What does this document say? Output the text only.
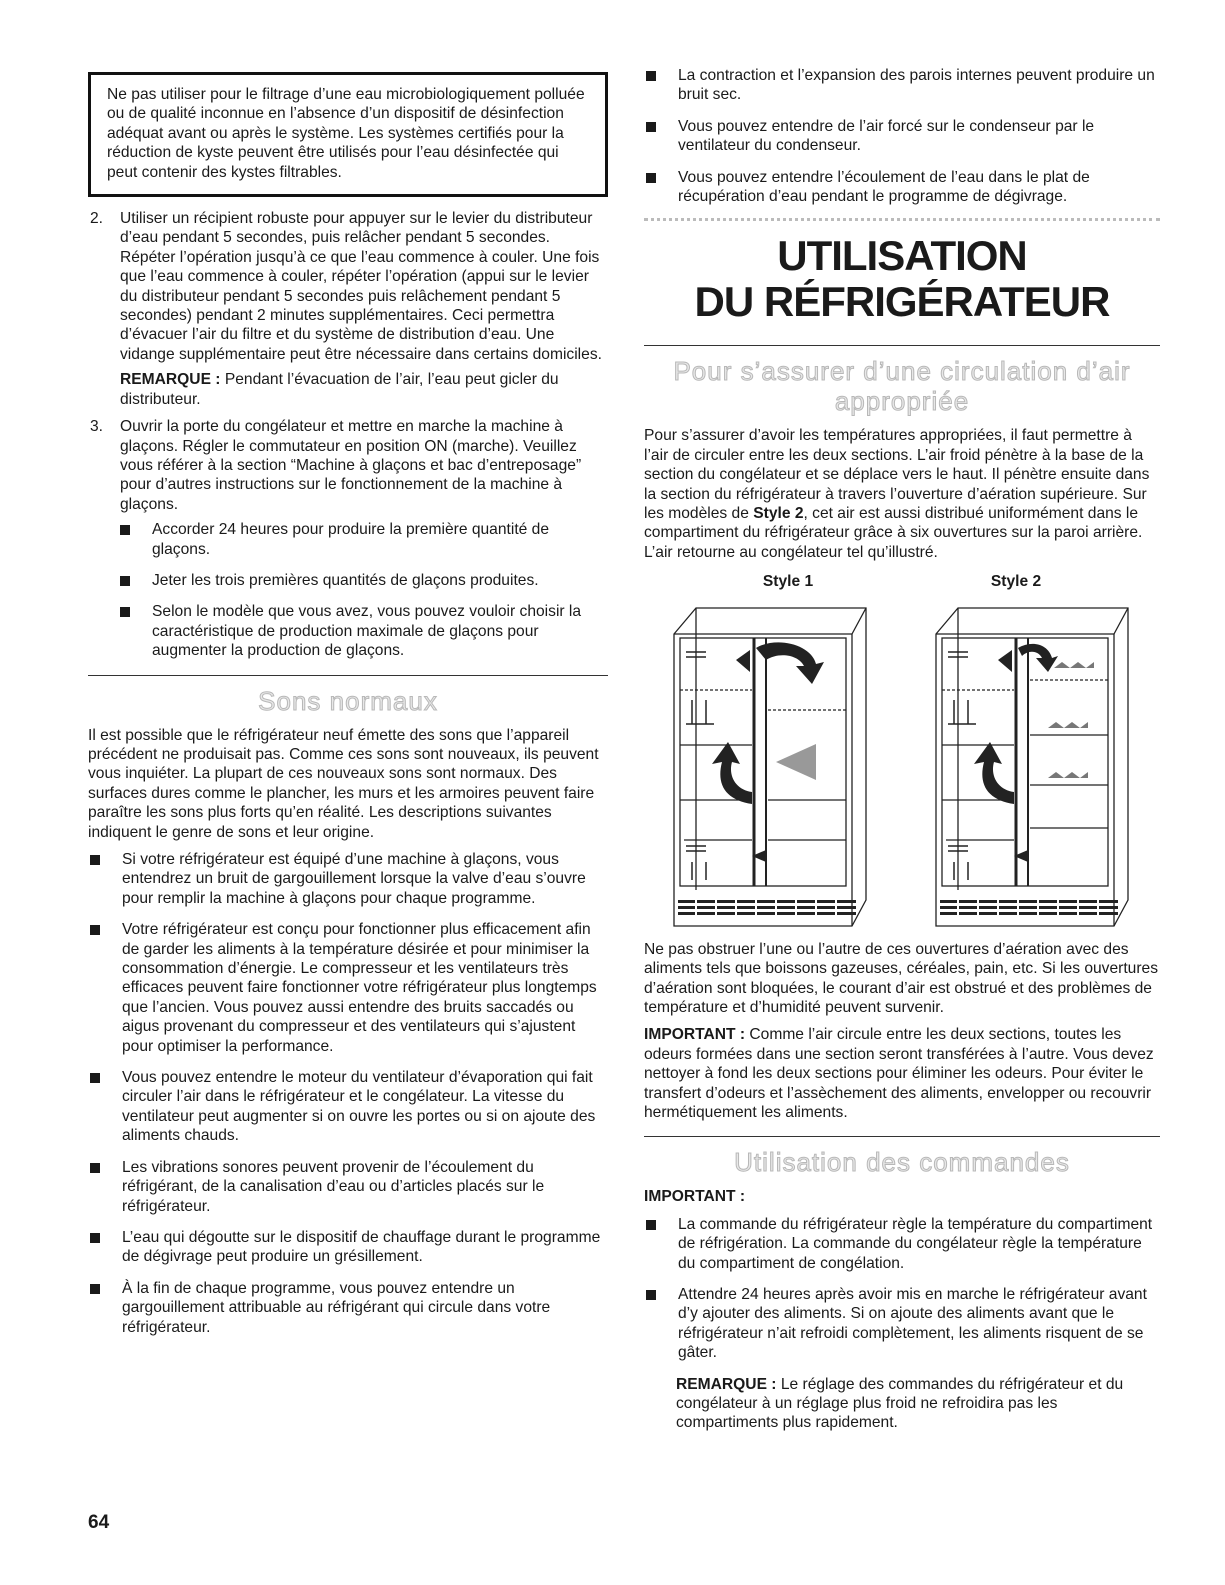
Ne pas utiliser pour le filtrage d’une eau microbiologiquement polluée ou de qualité inconnue en l’absence d’un dispositif de désinfection adéquat avant ou après le système. Les systèmes certifiés pour la réduction de kyste peuvent être utilisés pour l’eau désinfectée qui peut contenir des kystes filtrables.
2.	Utiliser un récipient robuste pour appuyer sur le levier du distributeur d’eau pendant 5 secondes, puis relâcher pendant 5 secondes. Répéter l’opération jusqu’à ce que l’eau commence à couler. Une fois que l’eau commence à couler, répéter l’opération (appui sur le levier du distributeur pendant 5 secondes puis relâchement pendant 5 secondes) pendant 2 minutes supplémentaires. Ceci permettra d’évacuer l’air du filtre et du système de distribution d’eau. Une vidange supplémentaire peut être nécessaire dans certains domiciles.

REMARQUE : Pendant l’évacuation de l’air, l’eau peut gicler du distributeur.

3.	Ouvrir la porte du congélateur et mettre en marche la machine à glaçons. Régler le commutateur en position ON (marche). Veuillez vous référer à la section “Machine à glaçons et bac d’entreposage” pour d’autres instructions sur le fonctionnement de la machine à glaçons.
Accorder 24 heures pour produire la première quantité de glaçons.
Jeter les trois premières quantités de glaçons produites.
Selon le modèle que vous avez, vous pouvez vouloir choisir la caractéristique de production maximale de glaçons pour augmenter la production de glaçons.
Sons normaux

Il est possible que le réfrigérateur neuf émette des sons que l’appareil précédent ne produisait pas. Comme ces sons sont nouveaux, ils peuvent vous inquiéter. La plupart de ces nouveaux sons sont normaux. Des surfaces dures comme le plancher, les murs et les armoires peuvent faire paraître les sons plus forts qu’en réalité. Les descriptions suivantes indiquent le genre de sons et leur origine.

Si votre réfrigérateur est équipé d’une machine à glaçons, vous entendrez un bruit de gargouillement lorsque la valve d’eau s’ouvre pour remplir la machine à glaçons pour chaque programme.
Votre réfrigérateur est conçu pour fonctionner plus efficacement afin de garder les aliments à la température désirée et pour minimiser la consommation d’énergie. Le compresseur et les ventilateurs très efficaces peuvent faire fonctionner votre réfrigérateur plus longtemps que l’ancien. Vous pouvez aussi entendre des bruits saccadés ou aigus provenant du compresseur et des ventilateurs qui s’ajustent pour optimiser la performance.
Vous pouvez entendre le moteur du ventilateur d’évaporation qui fait circuler l’air dans le réfrigérateur et le congélateur. La vitesse du ventilateur peut augmenter si on ouvre les portes ou si on ajoute des aliments chauds.
Les vibrations sonores peuvent provenir de l’écoulement du réfrigérant, de la canalisation d’eau ou d’articles placés sur le réfrigérateur.
L’eau qui dégoutte sur le dispositif de chauffage durant le programme de dégivrage peut produire un grésillement.
À la fin de chaque programme, vous pouvez entendre un gargouillement attribuable au réfrigérant qui circule dans votre réfrigérateur.
La contraction et l’expansion des parois internes peuvent produire un bruit sec.
Vous pouvez entendre de l’air forcé sur le condenseur par le ventilateur du condenseur.
Vous pouvez entendre l’écoulement de l’eau dans le plat de récupération d’eau pendant le programme de dégivrage.
UTILISATION
DU RÉFRIGÉRATEUR
Pour s’assurer d’une circulation d’air appropriée

Pour s’assurer d’avoir les températures appropriées, il faut permettre à l’air de circuler entre les deux sections. L’air froid pénètre à la base de la section du congélateur et se déplace vers le haut. Il pénètre ensuite dans la section du réfrigérateur à travers l’ouverture d’aération supérieure. Sur les modèles de Style 2, cet air est aussi distribué uniformément dans le compartiment du réfrigérateur grâce à six ouvertures sur la paroi arrière. L’air retourne au congélateur tel qu’illustré.

Style 1	Style 2

Ne pas obstruer l’une ou l’autre de ces ouvertures d’aération avec des aliments tels que boissons gazeuses, céréales, pain, etc. Si les ouvertures d’aération sont bloquées, le courant d’air est obstrué et des problèmes de température et d’humidité peuvent survenir.

IMPORTANT : Comme l’air circule entre les deux sections, toutes les odeurs formées dans une section seront transférées à l’autre. Vous devez nettoyer à fond les deux sections pour éliminer les odeurs. Pour éviter le transfert d’odeurs et l’assèchement des aliments, envelopper ou recouvrir hermétiquement les aliments.

Utilisation des commandes

IMPORTANT :

La commande du réfrigérateur règle la température du compartiment de réfrigération. La commande du congélateur règle la température du compartiment de congélation.
Attendre 24 heures après avoir mis en marche le réfrigérateur avant d’y ajouter des aliments. Si on ajoute des aliments avant que le réfrigérateur n’ait refroidi complètement, les aliments risquent de se gâter.

REMARQUE : Le réglage des commandes du réfrigérateur et du congélateur à un réglage plus froid ne refroidira pas les compartiments plus rapidement.

64
